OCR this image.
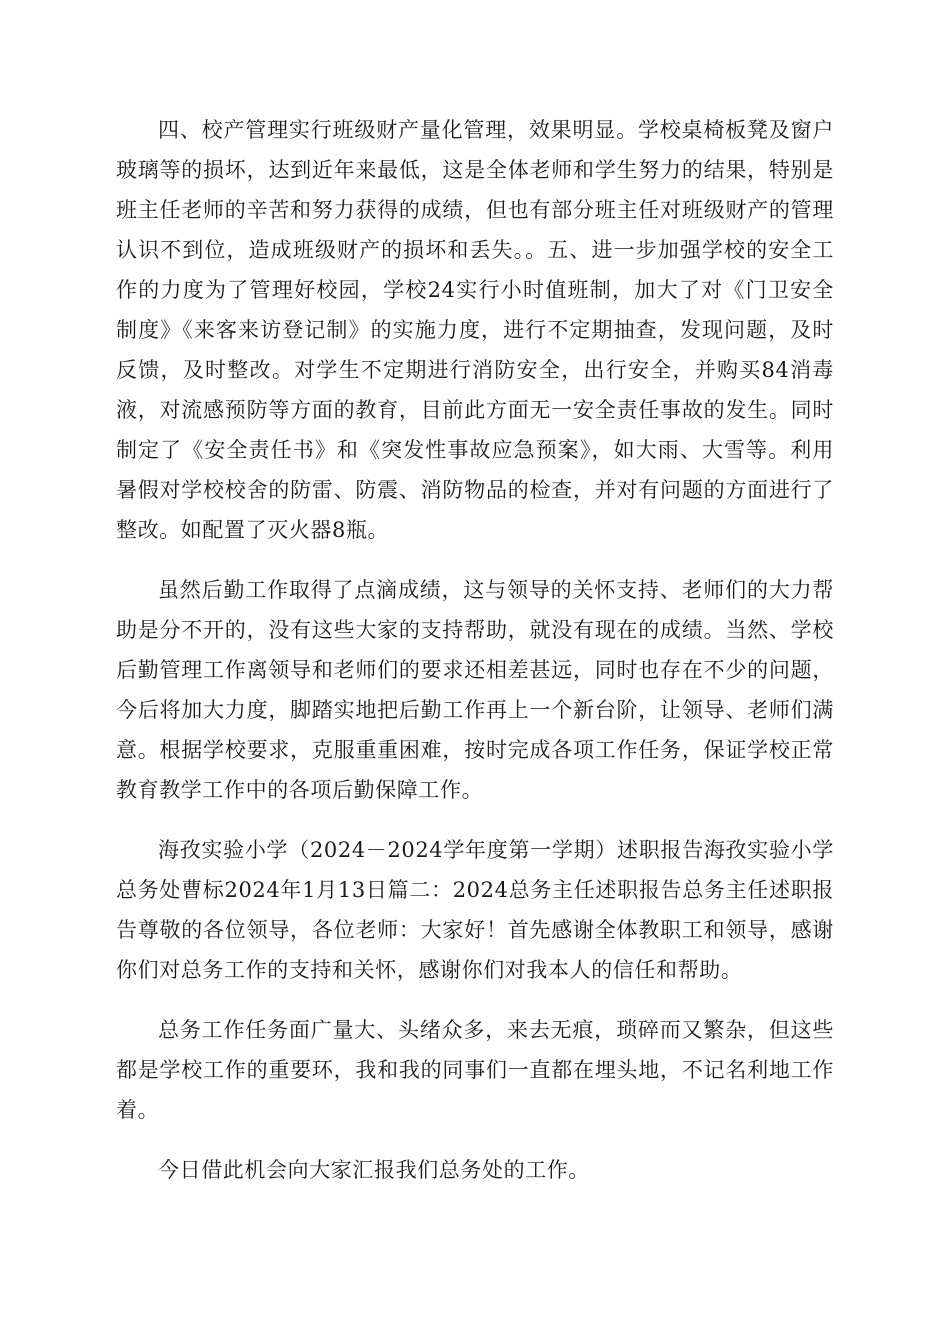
四、校产管理实行班级财产量化管理，效果明显。学校桌椅板凳及窗户玻璃等的损坏，达到近年来最低，这是全体老师和学生努力的结果，特别是班主任老师的辛苦和努力获得的成绩，但也有部分班主任对班级财产的管理认识不到位，造成班级财产的损坏和丢失。。五、进一步加强学校的安全工作的力度为了管理好校园，学校24实行小时值班制，加大了对《门卫安全制度》《来客来访登记制》的实施力度，进行不定期抽查，发现问题，及时反馈，及时整改。对学生不定期进行消防安全，出行安全，并购买84消毒液，对流感预防等方面的教育，目前此方面无一安全责任事故的发生。同时制定了《安全责任书》和《突发性事故应急预案》，如大雨、大雪等。利用暑假对学校校舍的防雷、防震、消防物品的检查，并对有问题的方面进行了整改。如配置了灭火器8瓶。

虽然后勤工作取得了点滴成绩，这与领导的关怀支持、老师们的大力帮助是分不开的，没有这些大家的支持帮助，就没有现在的成绩。当然、学校后勤管理工作离领导和老师们的要求还相差甚远，同时也存在不少的问题，今后将加大力度，脚踏实地把后勤工作再上一个新台阶，让领导、老师们满意。根据学校要求，克服重重困难，按时完成各项工作任务，保证学校正常教育教学工作中的各项后勤保障工作。

海孜实验小学（2024－2024学年度第一学期）述职报告海孜实验小学总务处曹标2024年1月13日篇二：2024总务主任述职报告总务主任述职报告尊敬的各位领导，各位老师：大家好！首先感谢全体教职工和领导，感谢你们对总务工作的支持和关怀，感谢你们对我本人的信任和帮助。

总务工作任务面广量大、头绪众多，来去无痕，琐碎而又繁杂，但这些都是学校工作的重要环，我和我的同事们一直都在埋头地，不记名利地工作着。

今日借此机会向大家汇报我们总务处的工作。
